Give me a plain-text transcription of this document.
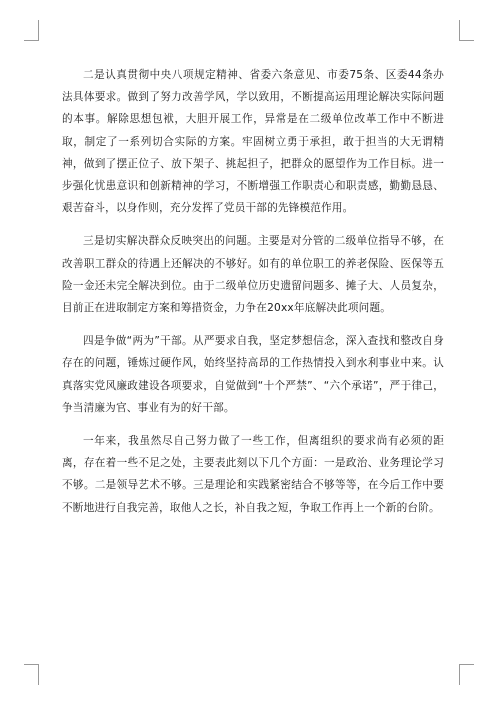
二是认真贯彻中央八项规定精神、省委六条意见、市委75条、区委44条办法具体要求。做到了努力改善学风，学以致用，不断提高运用理论解决实际问题的本事。解除思想包袱，大胆开展工作，异常是在二级单位改革工作中不断进取，制定了一系列切合实际的方案。牢固树立勇于承担，敢于担当的大无谓精神，做到了摆正位子、放下架子、挑起担子，把群众的愿望作为工作目标。进一步强化忧患意识和创新精神的学习，不断增强工作职责心和职责感，勤勤恳恳、艰苦奋斗，以身作则，充分发挥了党员干部的先锋模范作用。

三是切实解决群众反映突出的问题。主要是对分管的二级单位指导不够，在改善职工群众的待遇上还解决的不够好。如有的单位职工的养老保险、医保等五险一金还未完全解决到位。由于二级单位历史遗留问题多、摊子大、人员复杂，目前正在进取制定方案和筹措资金，力争在20xx年底解决此项问题。

四是争做“两为”干部。从严要求自我，坚定梦想信念，深入查找和整改自身存在的问题，锤炼过硬作风，始终坚持高昂的工作热情投入到水利事业中来。认真落实党风廉政建设各项要求，自觉做到“十个严禁”、“六个承诺”，严于律己，争当清廉为官、事业有为的好干部。

一年来，我虽然尽自己努力做了一些工作，但离组织的要求尚有必须的距离，存在着一些不足之处，主要表此刻以下几个方面：一是政治、业务理论学习不够。二是领导艺术不够。三是理论和实践紧密结合不够等等，在今后工作中要不断地进行自我完善，取他人之长，补自我之短，争取工作再上一个新的台阶。
